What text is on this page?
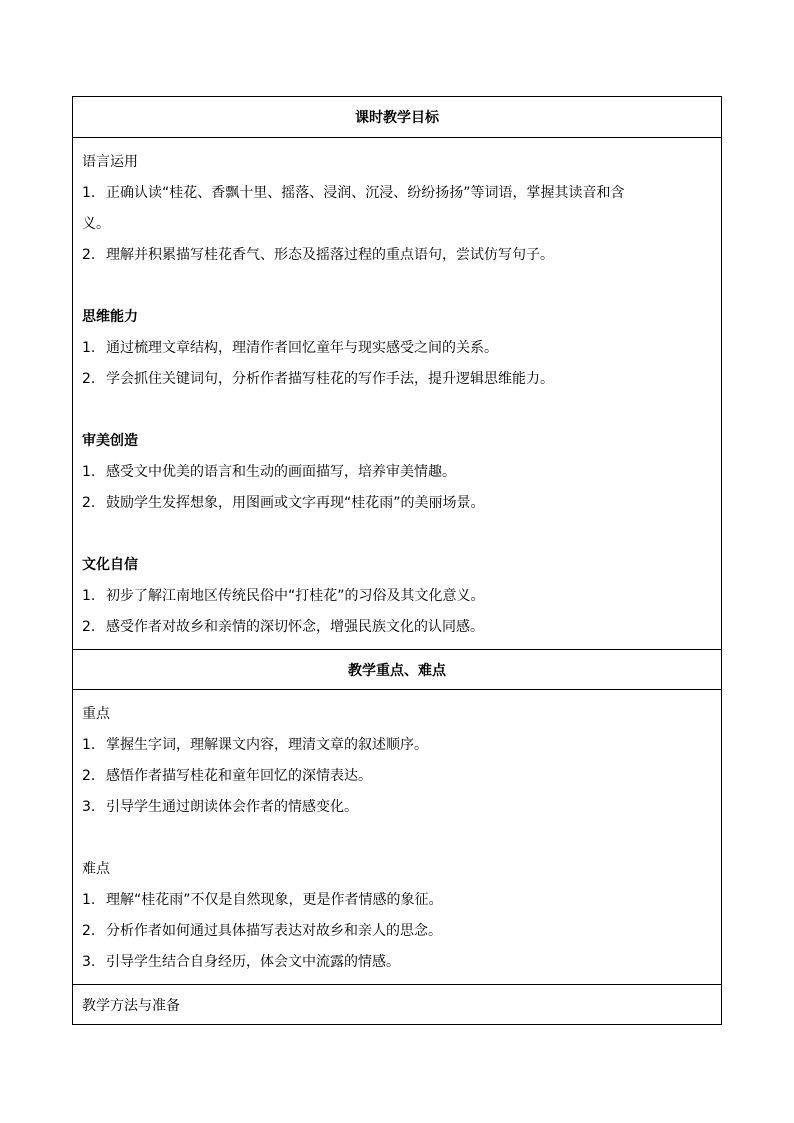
课时教学目标
语言运用
1. 正确认读“桂花、香飘十里、摇落、浸润、沉浸、纷纷扬扬”等词语，掌握其读音和含
义。
2. 理解并积累描写桂花香气、形态及摇落过程的重点语句，尝试仿写句子。
思维能力
1. 通过梳理文章结构，理清作者回忆童年与现实感受之间的关系。
2. 学会抓住关键词句，分析作者描写桂花的写作手法，提升逻辑思维能力。
审美创造
1. 感受文中优美的语言和生动的画面描写，培养审美情趣。
2. 鼓励学生发挥想象，用图画或文字再现“桂花雨”的美丽场景。
文化自信
1. 初步了解江南地区传统民俗中“打桂花”的习俗及其文化意义。
2. 感受作者对故乡和亲情的深切怀念，增强民族文化的认同感。
教学重点、难点
重点
1. 掌握生字词，理解课文内容，理清文章的叙述顺序。
2. 感悟作者描写桂花和童年回忆的深情表达。
3. 引导学生通过朗读体会作者的情感变化。
难点
1. 理解“桂花雨”不仅是自然现象，更是作者情感的象征。
2. 分析作者如何通过具体描写表达对故乡和亲人的思念。
3. 引导学生结合自身经历，体会文中流露的情感。
教学方法与准备
